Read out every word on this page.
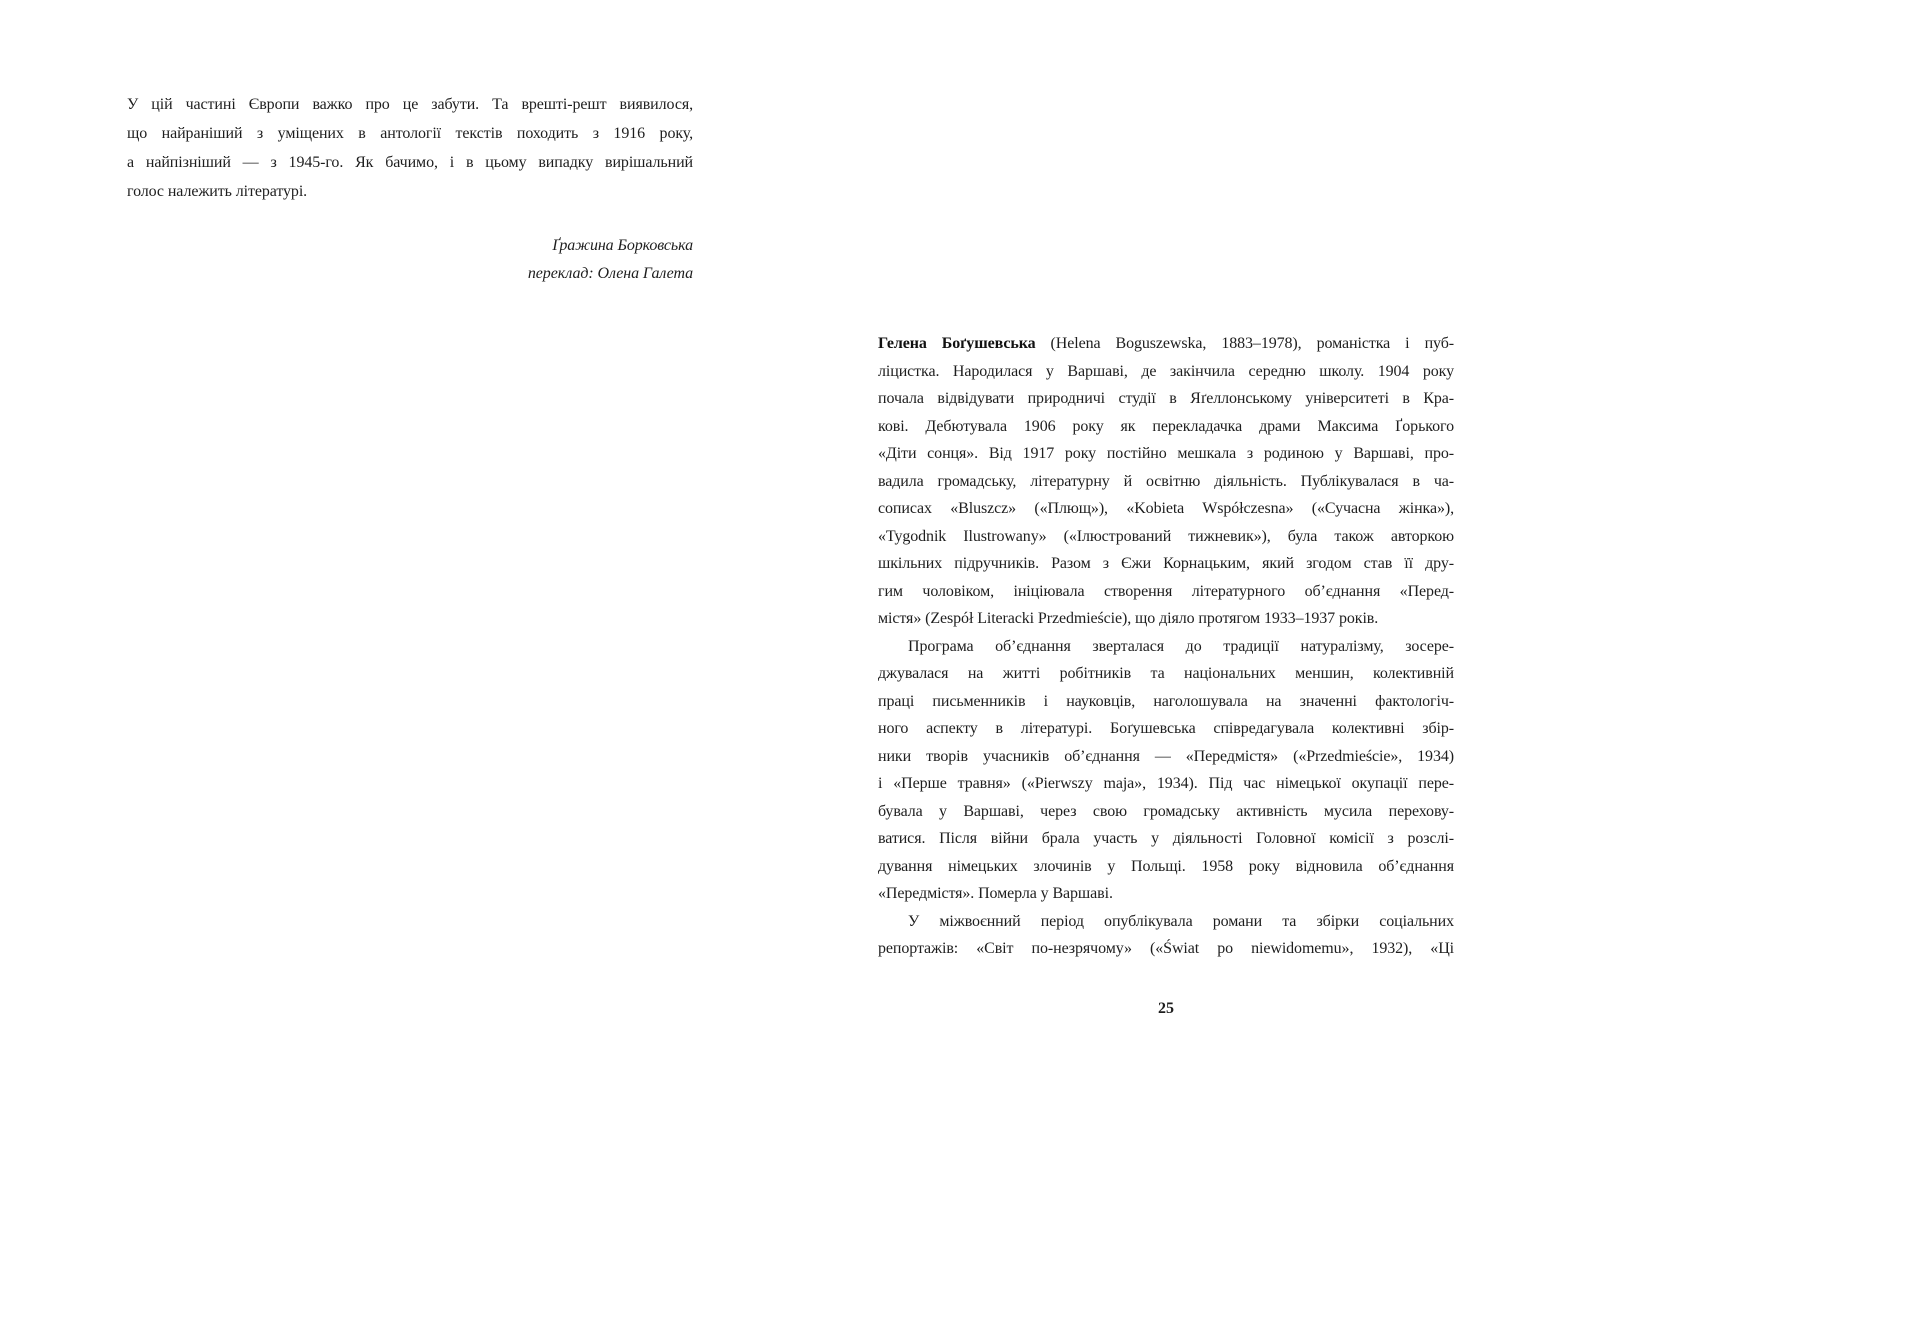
У цій частині Європи важко про це забути. Та врешті-решт виявилося,
що найраніший з уміщених в антології текстів походить з 1916 року,
а найпізніший — з 1945-го. Як бачимо, і в цьому випадку вирішальний
голос належить літературі.
Ґражина Борковська
переклад: Олена Галета
Гелена Боґушевська (Helena Boguszewska, 1883–1978), романістка і пуб-
ліцистка. Народилася у Варшаві, де закінчила середню школу. 1904 року
почала відвідувати природничі студії в Яґеллонському університеті в Кра-
кові. Дебютувала 1906 року як перекладачка драми Максима Ґорького
«Діти сонця». Від 1917 року постійно мешкала з родиною у Варшаві, про-
вадила громадську, літературну й освітню діяльність. Публікувалася в ча-
сописах «Bluszcz» («Плющ»), «Kobieta Współczesna» («Сучасна жінка»),
«Tygodnik Ilustrowany» («Ілюстрований тижневик»), була також авторкою
шкільних підручників. Разом з Єжи Корнацьким, який згодом став її дру-
гим чоловіком, ініціювала створення літературного об’єднання «Перед-
містя» (Zespół Literacki Przedmieście), що діяло протягом 1933–1937 років.
Програма об’єднання зверталася до традиції натуралізму, зосере-
джувалася на житті робітників та національних меншин, колективній
праці письменників і науковців, наголошувала на значенні фактологіч-
ного аспекту в літературі. Боґушевська співредагувала колективні збір-
ники творів учасників об’єднання — «Передмістя» («Przedmieście», 1934)
і «Перше травня» («Pierwszy maja», 1934). Під час німецької окупації пере-
бувала у Варшаві, через свою громадську активність мусила перехову-
ватися. Після війни брала участь у діяльності Головної комісії з розслі-
дування німецьких злочинів у Польщі. 1958 року відновила об’єднання
«Передмістя». Померла у Варшаві.
У міжвоєнний період опублікувала романи та збірки соціальних
репортажів: «Світ по-незрячому» («Świat po niewidomemu», 1932), «Ці
25
